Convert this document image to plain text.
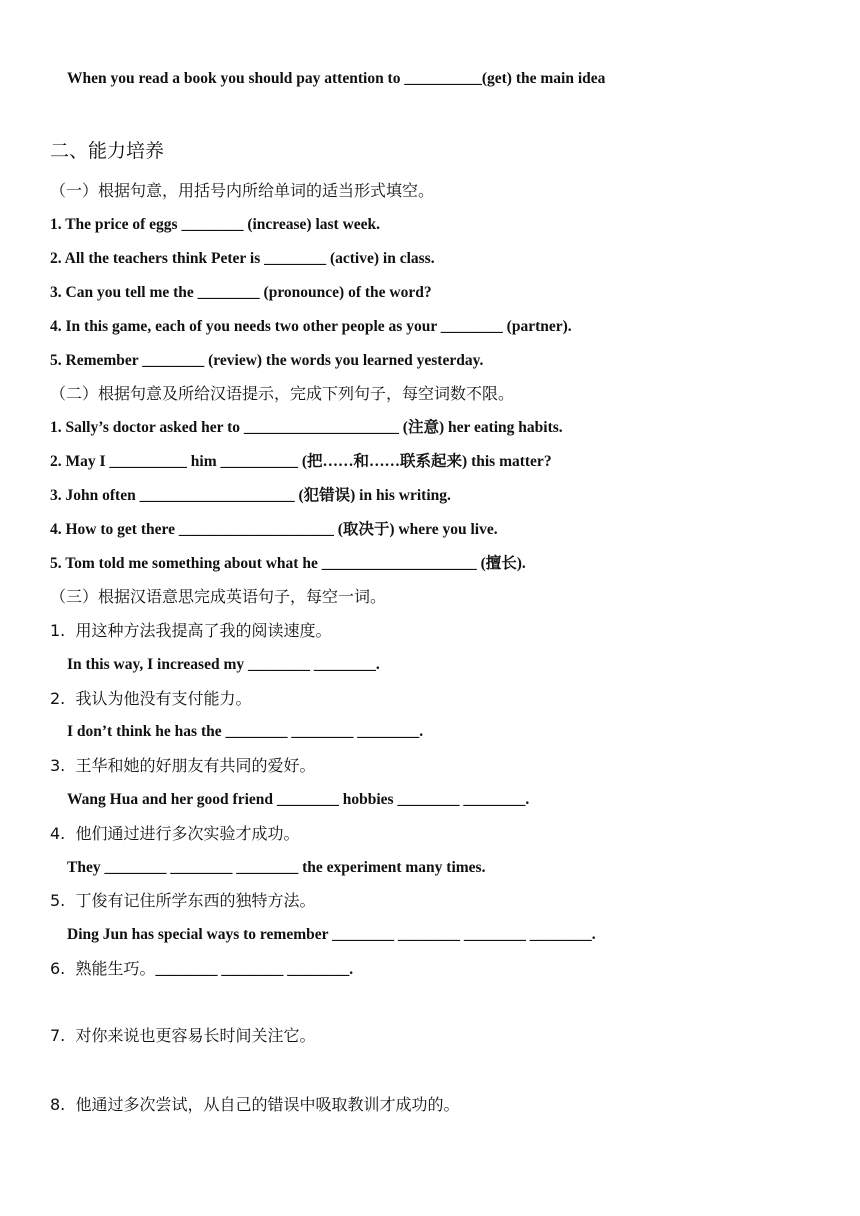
When you read a book you should pay attention to __________(get) the main idea
二、能力培养
（一）根据句意，用括号内所给单词的适当形式填空。
1. The price of eggs ________ (increase) last week.
2. All the teachers think Peter is ________ (active) in class.
3. Can you tell me the ________ (pronounce) of the word?
4. In this game, each of you needs two other people as your ________ (partner).
5. Remember ________ (review) the words you learned yesterday.
（二）根据句意及所给汉语提示，完成下列句子，每空词数不限。
1. Sally’s doctor asked her to ____________________ (注意) her eating habits.
2. May I __________ him __________ (把……和……联系起来) this matter?
3. John often ____________________ (犯错误) in his writing.
4. How to get there ____________________ (取决于) where you live.
5. Tom told me something about what he ____________________ (擅长).
（三）根据汉语意思完成英语句子，每空一词。
1.  用这种方法我提高了我的阅读速度。
In this way, I increased my ________ ________.
2.  我认为他没有支付能力。
I don’t think he has the ________ ________ ________.
3.  王华和她的好朋友有共同的爱好。
Wang Hua and her good friend ________ hobbies ________ ________.
4.  他们通过进行多次实验才成功。
They ________ ________ ________ the experiment many times.
5.  丁俊有记住所学东西的独特方法。
Ding Jun has special ways to remember ________ ________ ________ ________.
6.  熟能生巧。________ ________ ________.
7.  对你来说也更容易长时间关注它。
8.  他通过多次尝试，从自己的错误中吸取教训才成功的。
